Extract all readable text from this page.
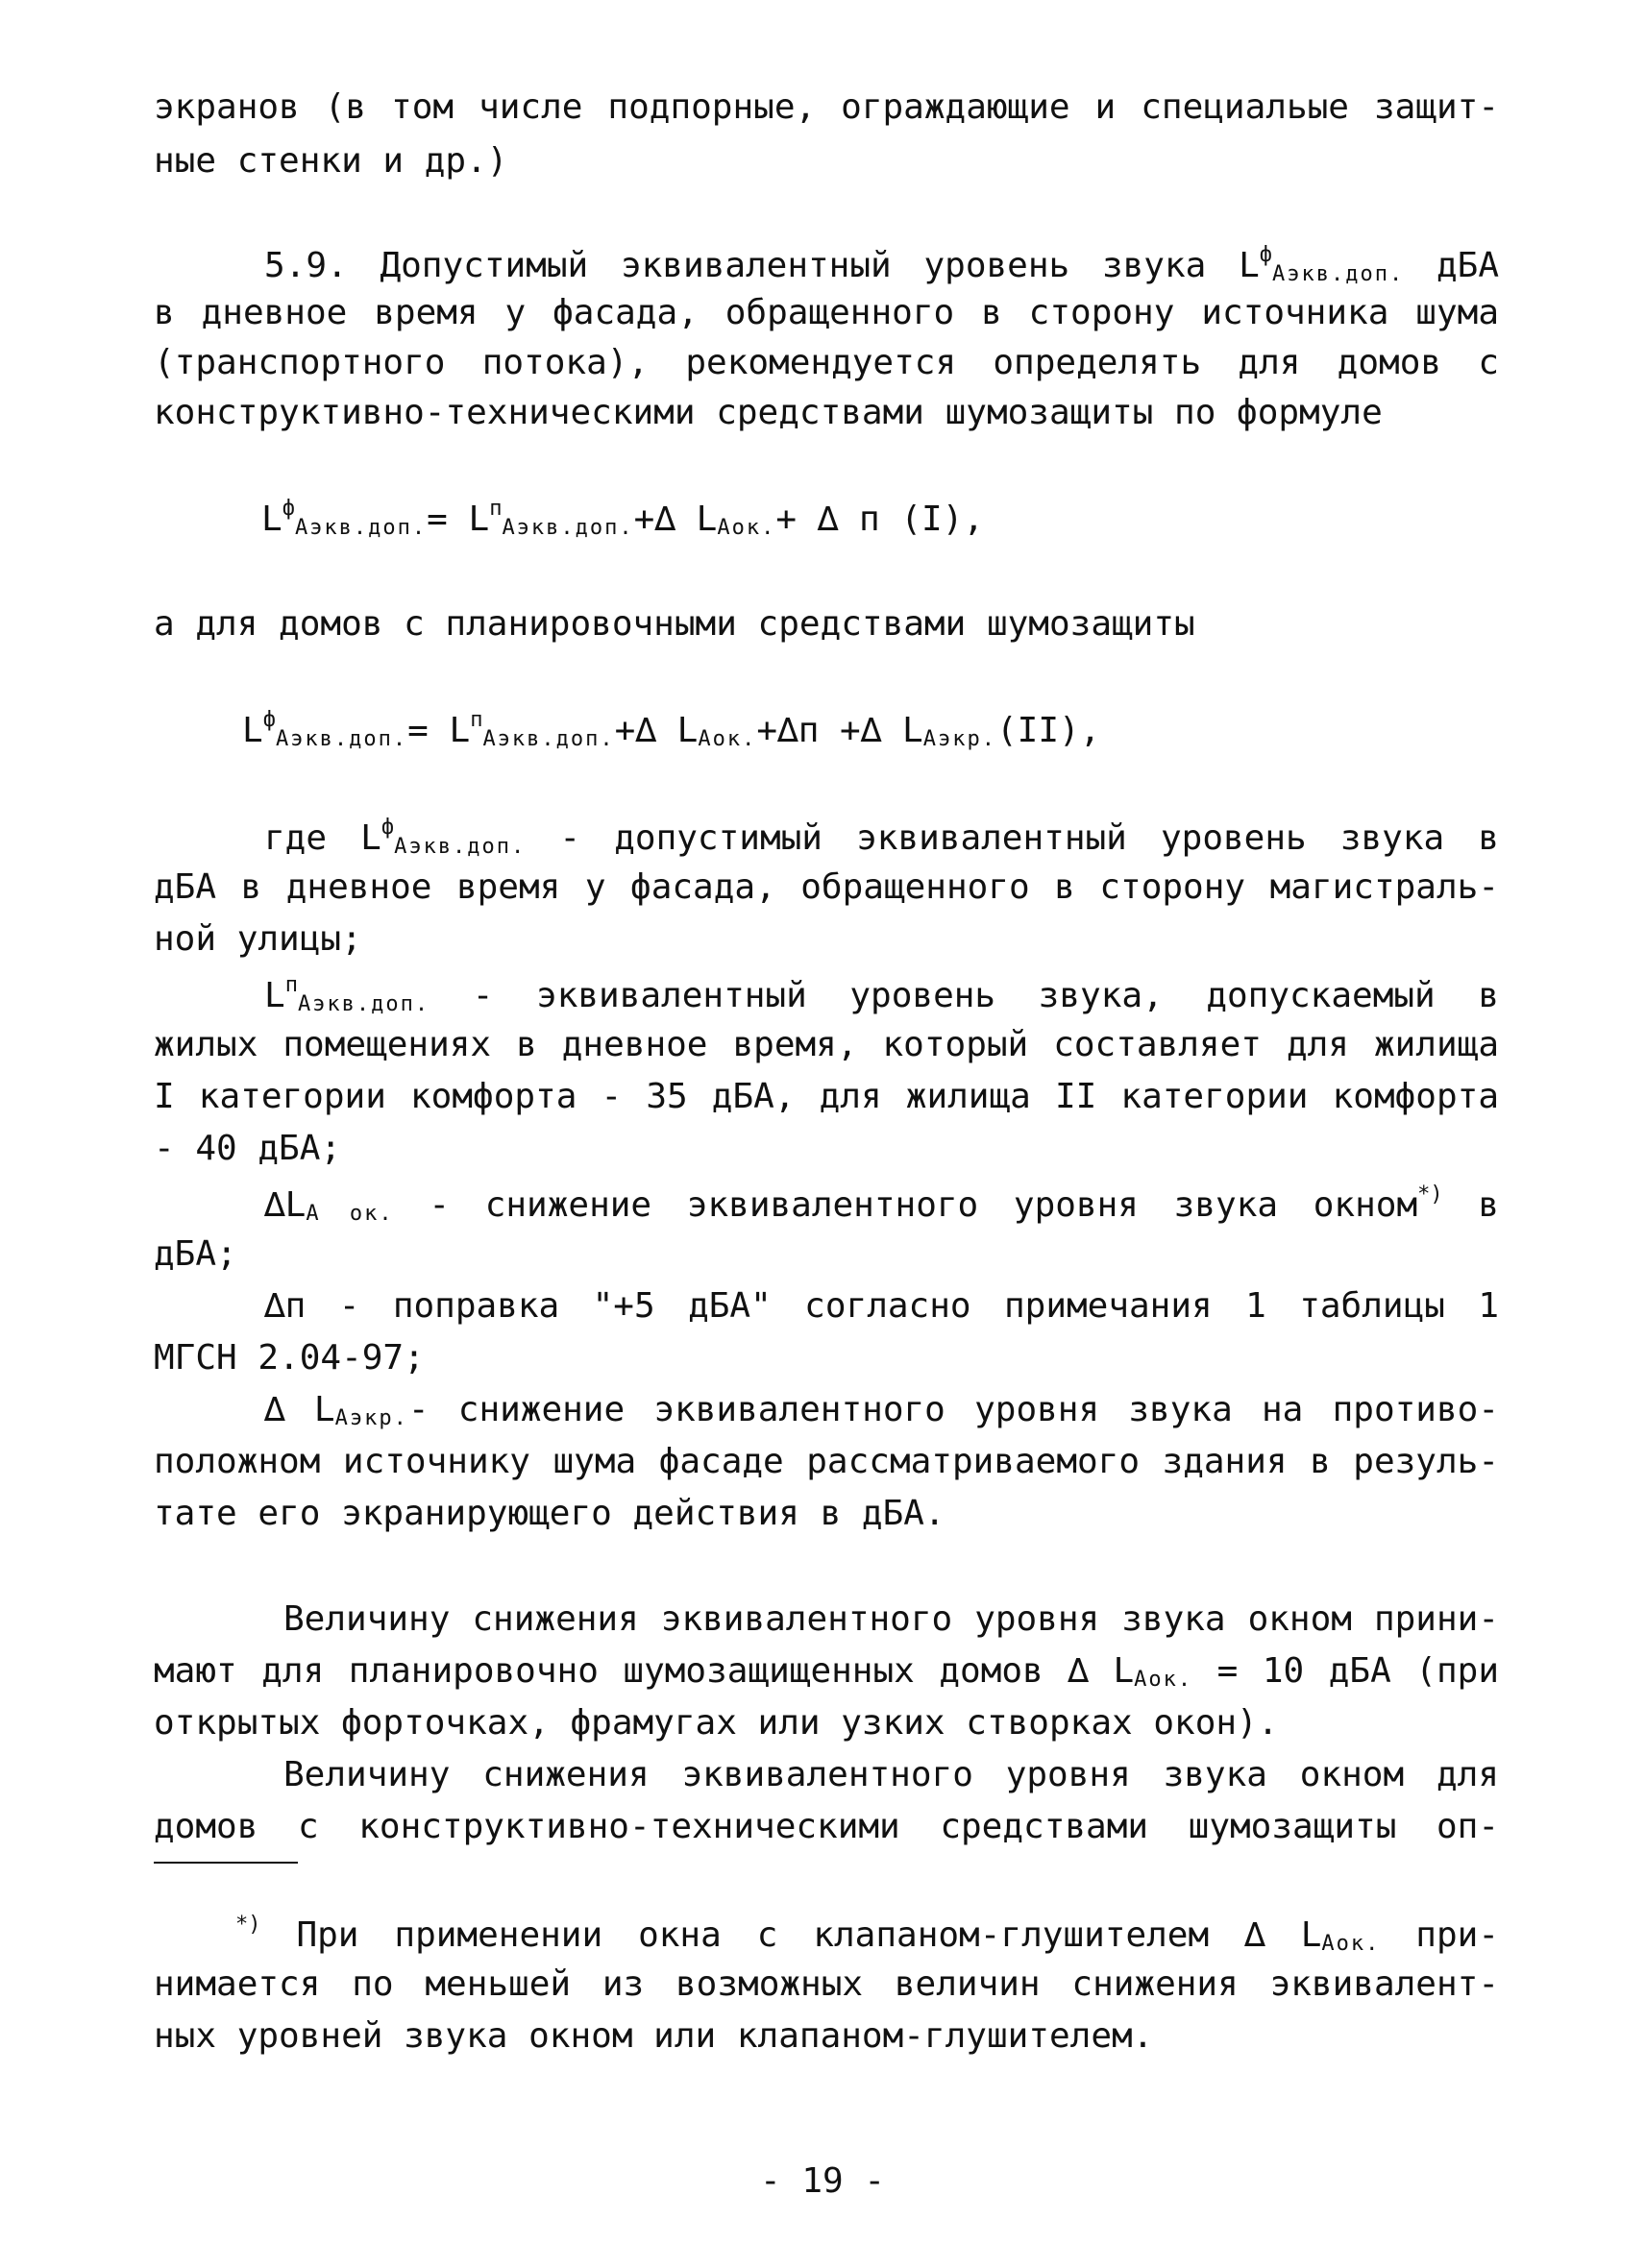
экранов (в том числе подпорные, ограждающие и специальые защит-
ные стенки и др.)
5.9. Допустимый эквивалентный уровень звука $L^ф_{Аэкв.доп.}$ дБА
в дневное время у фасада, обращенного в сторону источника шума
(транспортного потока), рекомендуется определять для домов с
конструктивно-техническими средствами шумозащиты по формуле
$L^ф_{Аэкв.доп.}= L^п_{Аэкв.доп.}+\Delta$ $L_{Аок.}+$ ∆ п (I),
а для домов с планировочными средствами шумозащиты
$L^ф_{Аэкв.доп.}= L^п_{Аэкв.доп.}+\Delta$ $L_{Аок.}+\Delta п$ +∆ $L_{Аэкр.}(II)$,
где $L^ф_{Аэкв.доп.}$ - допустимый эквивалентный уровень звука в
дБА в дневное время у фасада, обращенного в сторону магистраль-
ной улицы;
$L^п_{Аэкв.доп.}$ - эквивалентный уровень звука, допускаемый в
жилых помещениях в дневное время, который составляет для жилища
I категории комфорта - 35 дБА, для жилища II категории комфорта
- 40 дБА;
$\Delta L_{А ок.}$ - снижение эквивалентного уровня звука окном*) в
дБА;
∆п - поправка "+5 дБА" согласно примечания 1 таблицы 1
МГСН 2.04-97;
∆ $L_{Аэкр.}-$ снижение эквивалентного уровня звука на противо-
положном источнику шума фасаде рассматриваемого здания в резуль-
тате его экранирующего действия в дБА.
Величину снижения эквивалентного уровня звука окном прини-
мают для планировочно шумозащищенных домов ∆ $L_{Аок.} = 10$ дБА (при
открытых форточках, фрамугах или узких створках окон).
Величину снижения эквивалентного уровня звука окном для
домов с конструктивно-техническими средствами шумозащиты оп-
*) При применении окна с клапаном-глушителем ∆ $L_{Аок.}$ при-
нимается по меньшей из возможных величин снижения эквивалент-
ных уровней звука окном или клапаном-глушителем.
- 19 -
